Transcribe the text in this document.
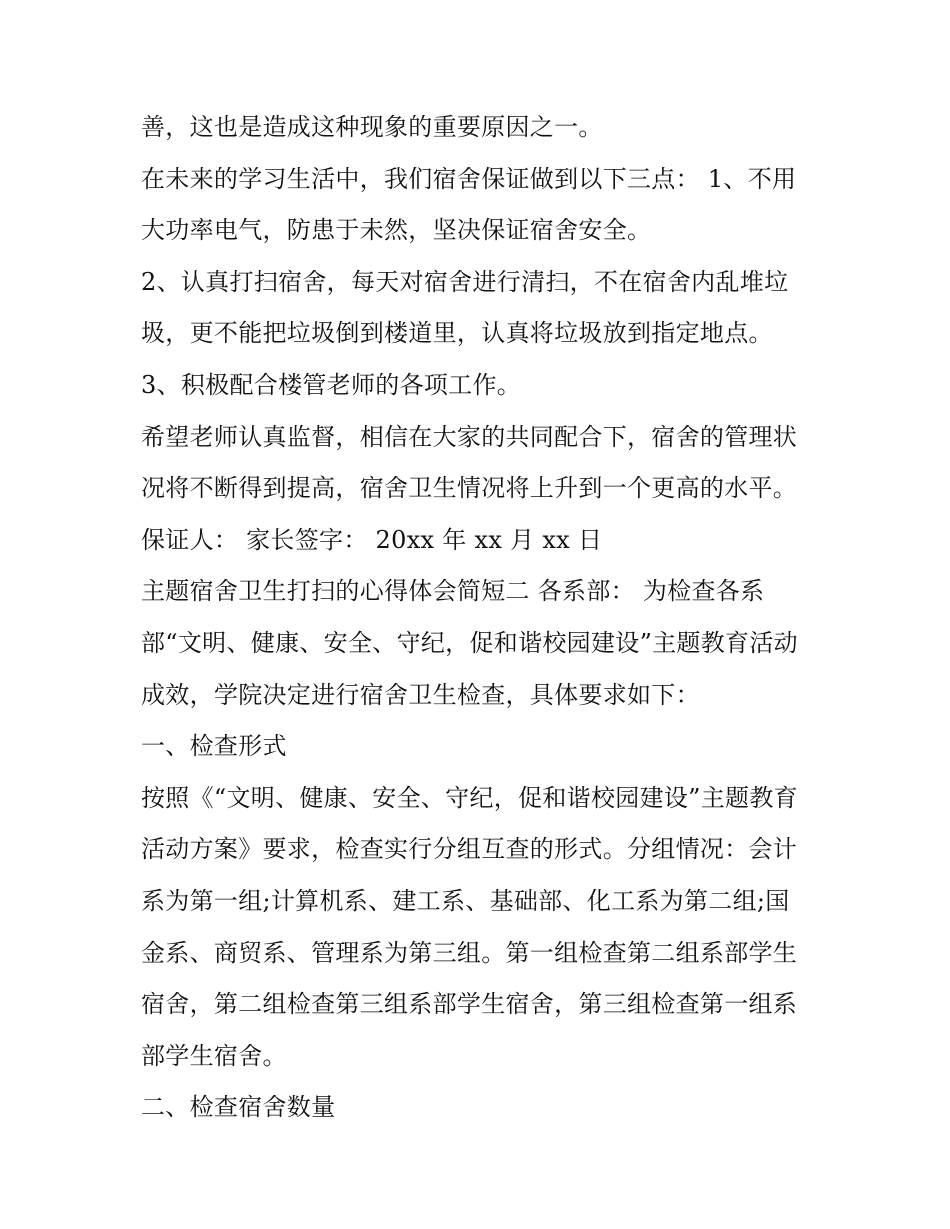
善，这也是造成这种现象的重要原因之一。
在未来的学习生活中，我们宿舍保证做到以下三点： 1、不用
大功率电气，防患于未然，坚决保证宿舍安全。
2、认真打扫宿舍，每天对宿舍进行清扫，不在宿舍内乱堆垃
圾，更不能把垃圾倒到楼道里，认真将垃圾放到指定地点。
3、积极配合楼管老师的各项工作。
希望老师认真监督，相信在大家的共同配合下，宿舍的管理状
况将不断得到提高，宿舍卫生情况将上升到一个更高的水平。
保证人： 家长签字： 20xx 年 xx 月 xx 日
主题宿舍卫生打扫的心得体会简短二 各系部： 为检查各系
部“文明、健康、安全、守纪，促和谐校园建设”主题教育活动
成效，学院决定进行宿舍卫生检查，具体要求如下：
一、检查形式
按照《“文明、健康、安全、守纪，促和谐校园建设”主题教育
活动方案》要求，检查实行分组互查的形式。分组情况：会计
系为第一组;计算机系、建工系、基础部、化工系为第二组;国
金系、商贸系、管理系为第三组。第一组检查第二组系部学生
宿舍，第二组检查第三组系部学生宿舍，第三组检查第一组系
部学生宿舍。
二、检查宿舍数量
